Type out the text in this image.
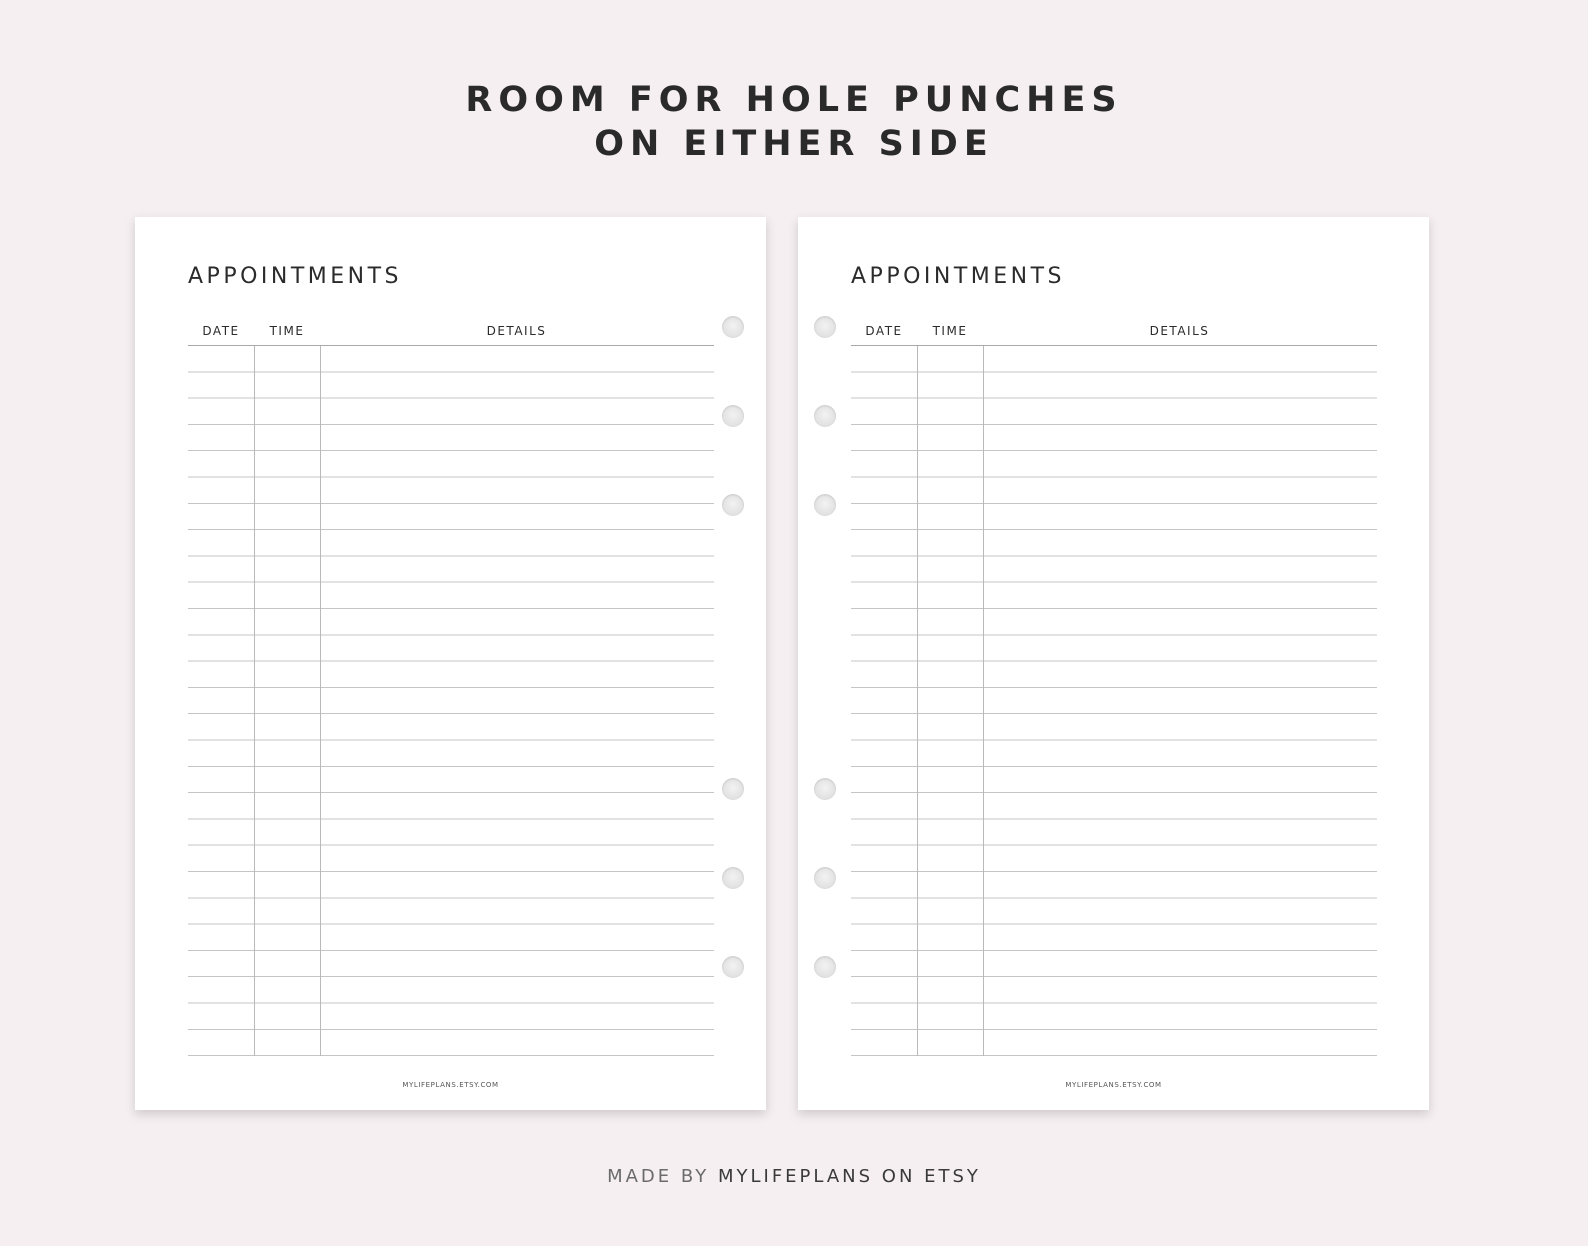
ROOM FOR HOLE PUNCHES
ON EITHER SIDE
APPOINTMENTS
DATE	TIME	DETAILS
MYLIFEPLANS.ETSY.COM
APPOINTMENTS
DATE	TIME	DETAILS
MYLIFEPLANS.ETSY.COM
MADE BY MYLIFEPLANS ON ETSY
